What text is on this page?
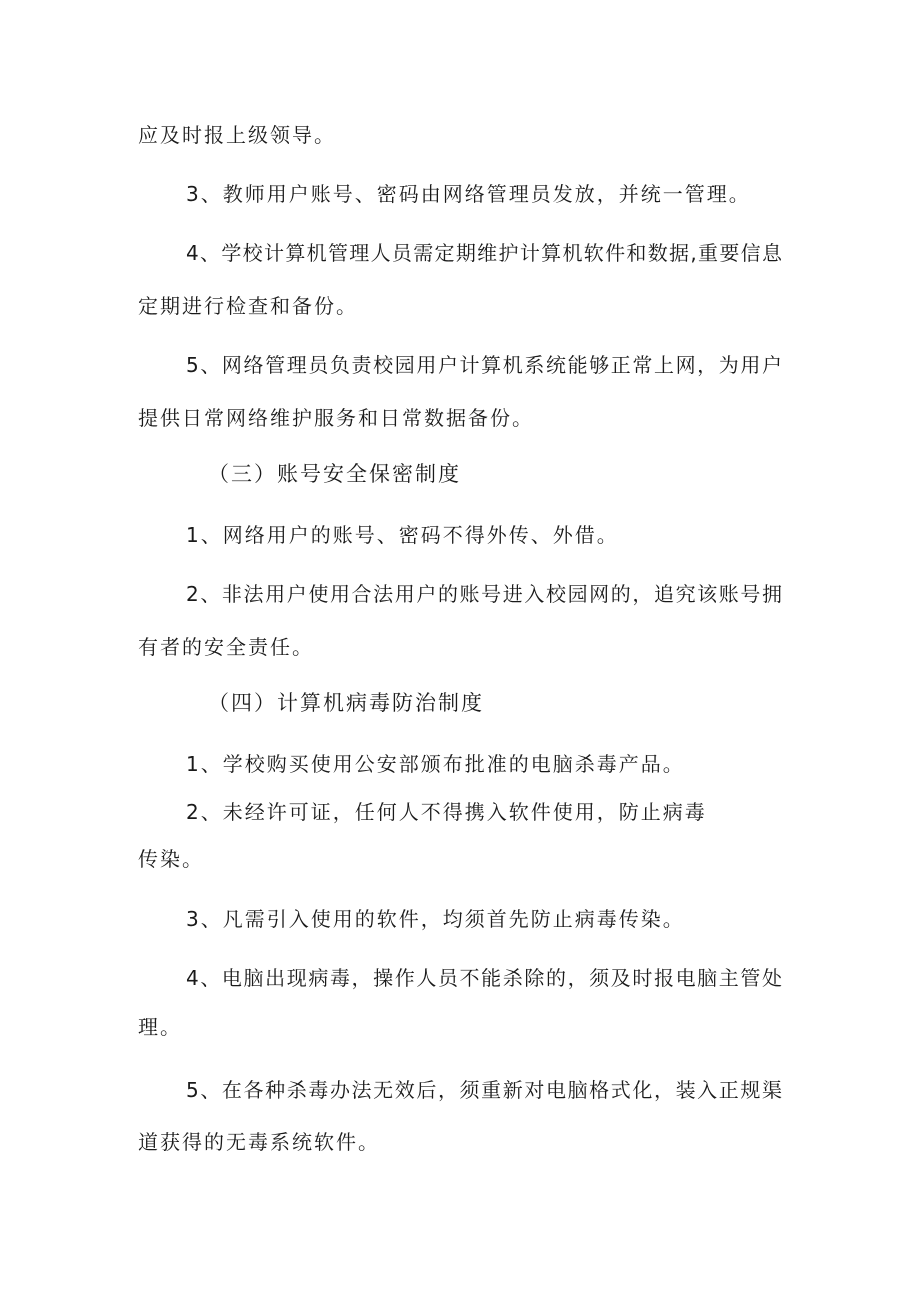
应及时报上级领导。
3、教师用户账号、密码由网络管理员发放，并统一管理。
4、学校计算机管理人员需定期维护计算机软件和数据,重要信息
定期进行检查和备份。
5、网络管理员负责校园用户计算机系统能够正常上网，为用户
提供日常网络维护服务和日常数据备份。
（三）账号安全保密制度
1、网络用户的账号、密码不得外传、外借。
2、非法用户使用合法用户的账号进入校园网的，追究该账号拥
有者的安全责任。
（四）计算机病毒防治制度
1、学校购买使用公安部颁布批准的电脑杀毒产品。
2、未经许可证，任何人不得携入软件使用，防止病毒
传染。
3、凡需引入使用的软件，均须首先防止病毒传染。
4、电脑出现病毒，操作人员不能杀除的，须及时报电脑主管处
理。
5、在各种杀毒办法无效后，须重新对电脑格式化，装入正规渠
道获得的无毒系统软件。
